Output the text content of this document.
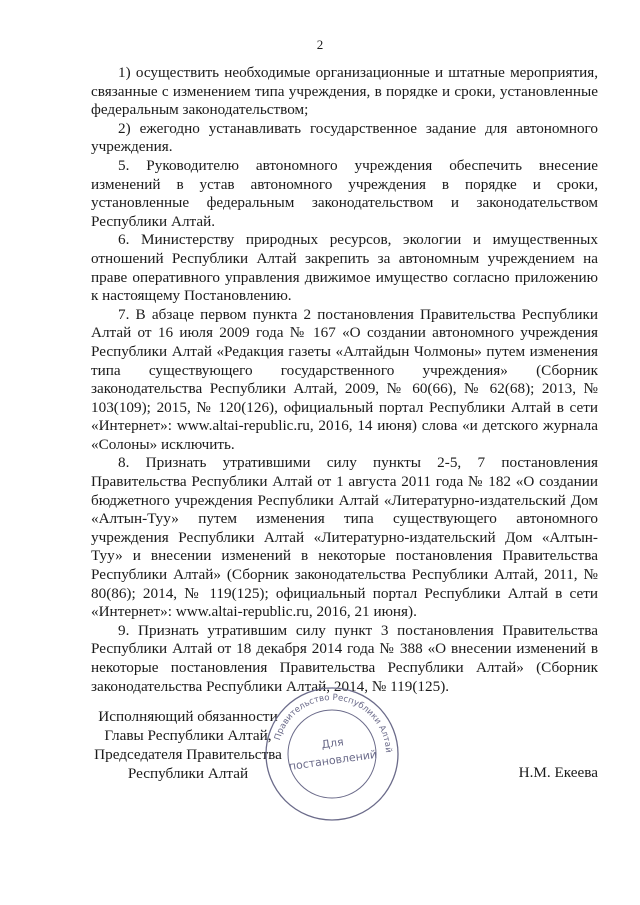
2

1) осуществить необходимые организационные и штатные мероприятия, связанные с изменением типа учреждения, в порядке и сроки, установленные федеральным законодательством;

2) ежегодно устанавливать государственное задание для автономного учреждения.

5. Руководителю автономного учреждения обеспечить внесение изменений в устав автономного учреждения в порядке и сроки, установленные федеральным законодательством и законодательством Республики Алтай.

6. Министерству природных ресурсов, экологии и имущественных отношений Республики Алтай закрепить за автономным учреждением на праве оперативного управления движимое имущество согласно приложению к настоящему Постановлению.

7. В абзаце первом пункта 2 постановления Правительства Республики Алтай от 16 июля 2009 года № 167 «О создании автономного учреждения Республики Алтай «Редакция газеты «Алтайдын Чолмоны» путем изменения типа существующего государственного учреждения» (Сборник законодательства Республики Алтай, 2009, № 60(66), № 62(68); 2013, № 103(109); 2015, № 120(126), официальный портал Республики Алтай в сети «Интернет»: www.altai-republic.ru, 2016, 14 июня) слова «и детского журнала «Солоны» исключить.

8. Признать утратившими силу пункты 2-5, 7 постановления Правительства Республики Алтай от 1 августа 2011 года № 182 «О создании бюджетного учреждения Республики Алтай «Литературно-издательский Дом «Алтын-Туу» путем изменения типа существующего автономного учреждения Республики Алтай «Литературно-издательский Дом «Алтын-Туу» и внесении изменений в некоторые постановления Правительства Республики Алтай» (Сборник законодательства Республики Алтай, 2011, № 80(86); 2014, № 119(125); официальный портал Республики Алтай в сети «Интернет»: www.altai-republic.ru, 2016, 21 июня).

9. Признать утратившим силу пункт 3 постановления Правительства Республики Алтай от 18 декабря 2014 года № 388 «О внесении изменений в некоторые постановления Правительства Республики Алтай» (Сборник законодательства Республики Алтай, 2014, № 119(125).

Исполняющий обязанности
Главы Республики Алтай,
Председателя Правительства
Республики Алтай
Правительство Республики Алтай
Для
постановлений	Н.М. Екеева
